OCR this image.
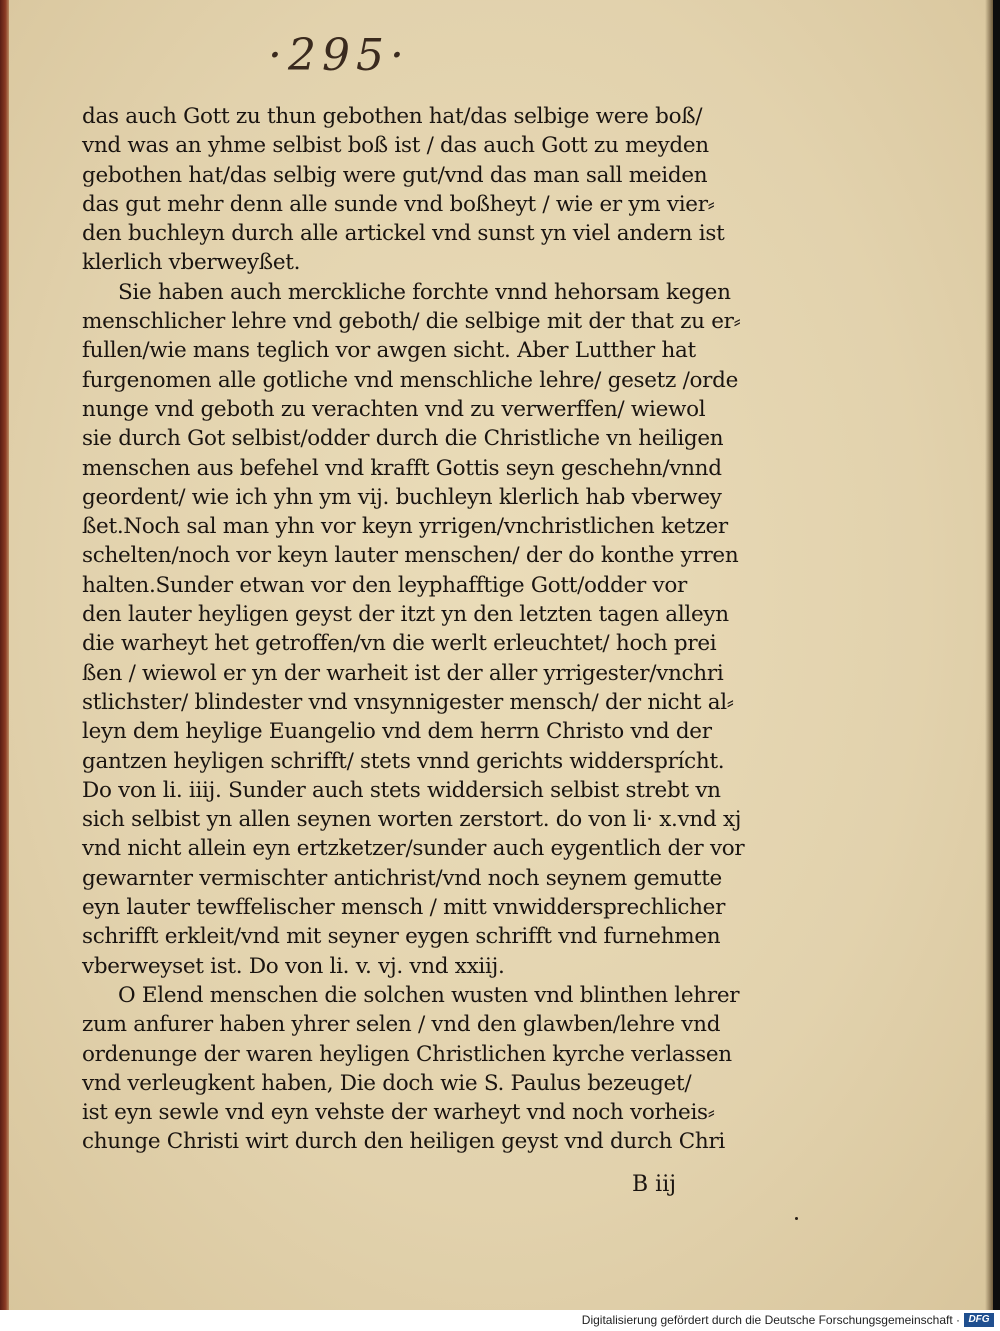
·295·
das auch Gott zu thun gebothen hat/das selbige were boß/
vnd was an yhme selbist boß ist / das auch Gott zu meyden
gebothen hat/das selbig were gut/vnd das man sall meiden
das gut mehr denn alle sunde vnd boßheyt / wie er ym vier⸗
den buchleyn durch alle artickel vnd sunst yn viel andern ist
klerlich vberweyßet.
Sie haben auch merckliche forchte vnnd hehorsam kegen
menschlicher lehre vnd geboth/ die selbige mit der that zu er⸗
fullen/wie mans teglich vor awgen sicht. Aber Lutther hat
furgenomen alle gotliche vnd menschliche lehre/ gesetz /orde
nunge vnd geboth zu verachten vnd zu verwerffen/ wiewol
sie durch Got selbist/odder durch die Christliche vn heiligen
menschen aus befehel vnd krafft Gottis seyn geschehn/vnnd
geordent/ wie ich yhn ym vij. buchleyn klerlich hab vberwey
ßet.Noch sal man yhn vor keyn yrrigen/vnchristlichen ketzer
schelten/noch vor keyn lauter menschen/ der do konthe yrren
halten.Sunder etwan vor den leyphafftige Gott/odder vor
den lauter heyligen geyst der itzt yn den letzten tagen alleyn
die warheyt het getroffen/vn die werlt erleuchtet/ hoch prei
ßen / wiewol er yn der warheit ist der aller yrrigester/vnchri
stlichster/ blindester vnd vnsynnigester mensch/ der nicht al⸗
leyn dem heylige Euangelio vnd dem herrn Christo vnd der
gantzen heyligen schrifft/ stets vnnd gerichts widdersprícht.
Do von li. iiij. Sunder auch stets widdersich selbist strebt vn
sich selbist yn allen seynen worten zerstort. do von li· x.vnd xj
vnd nicht allein eyn ertzketzer/sunder auch eygentlich der vor
gewarnter vermischter antichrist/vnd noch seynem gemutte
eyn lauter tewffelischer mensch / mitt vnwiddersprechlicher
schrifft erkleit/vnd mit seyner eygen schrifft vnd furnehmen
vberweyset ist. Do von li. v. vj. vnd xxiij.
O Elend menschen die solchen wusten vnd blinthen lehrer
zum anfurer haben yhrer selen / vnd den glawben/lehre vnd
ordenunge der waren heyligen Christlichen kyrche verlassen
vnd verleugkent haben, Die doch wie S. Paulus bezeuget/
ist eyn sewle vnd eyn vehste der warheyt vnd noch vorheis⸗
chunge Christi wirt durch den heiligen geyst vnd durch Chri
B iij
Digitalisierung gefördert durch die Deutsche Forschungsgemeinschaft · DFG
